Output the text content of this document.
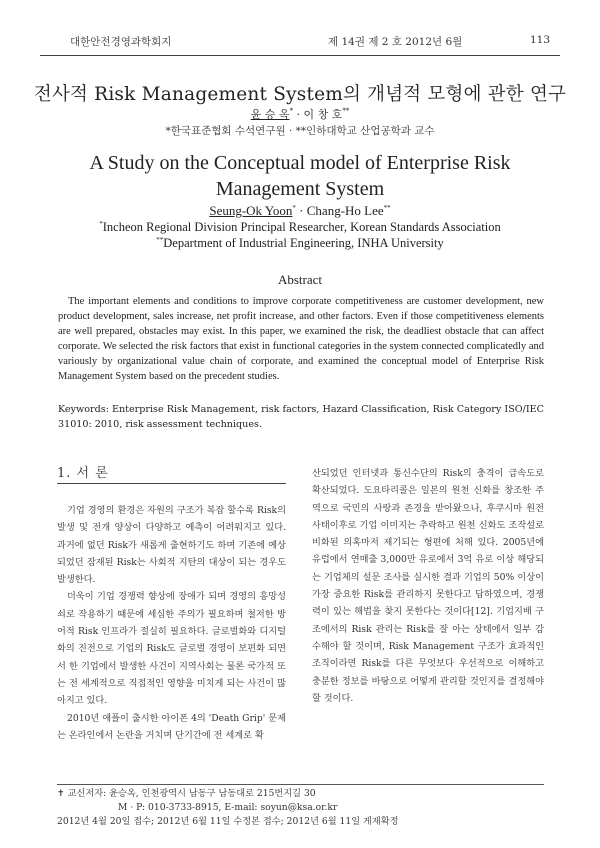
대한안전경영과학회지	제 14권 제 2 호 2012년 6월	113
전사적 Risk Management System의 개념적 모형에 관한 연구
윤 승 옥* · 이 창 호**
*한국표준협회 수석연구원 · **인하대학교 산업공학과 교수
A Study on the Conceptual model of Enterprise Risk
Management System
Seung-Ok Yoon* · Chang-Ho Lee**
*Incheon Regional Division Principal Researcher, Korean Standards Association
**Department of Industrial Engineering, INHA University
Abstract

The important elements and conditions to improve corporate competitiveness are customer development, new product development, sales increase, net profit increase, and other factors. Even if those competitiveness elements are well prepared, obstacles may exist. In this paper, we examined the risk, the deadliest obstacle that can affect corporate. We selected the risk factors that exist in functional categories in the system connected complicatedly and variously by organizational value chain of corporate, and examined the conceptual model of Enterprise Risk Management System based on the precedent studies.

Keywords: Enterprise Risk Management, risk factors, Hazard Classification, Risk Category ISO/IEC 31010: 2010, risk assessment techniques.
1. 서 론

기업 경영의 환경은 자원의 구조가 복잡 할수록 Risk의 발생 및 전개 양상이 다양하고 예측이 어려워지고 있다. 과거에 없던 Risk가 새롭게 출현하기도 하며 기존에 예상되었던 잠재된 Risk는 사회적 지탄의 대상이 되는 경우도 발생한다.

더욱이 기업 경쟁력 향상에 장애가 되며 경영의 흥망성쇠로 작용하기 때문에 세심한 주의가 필요하며 철저한 방어적 Risk 인프라가 절실히 필요하다. 글로벌화와 디지털화의 진전으로 기업의 Risk도 글로벌 경영이 보편화 되면서 한 기업에서 발생한 사건이 지역사회는 물론 국가적 또는 전 세계적으로 직접적인 영향을 미치게 되는 사건이 많아지고 있다.

2010년 애플이 출시한 아이폰 4의 'Death Grip' 문제는 온라인에서 논란을 거치며 단기간에 전 세계로 확

산되었던 인터넷과 통신수단의 Risk의 충격이 급속도로 확산되었다. 도요타리콜은 일본의 원천 신화를 창조한 주역으로 국민의 사랑과 존경을 받아왔으나, 후쿠시마 원전 사태이후로 기업 이미지는 추락하고 원천 신화도 조작설로 비화된 의혹마저 제기되는 형편에 처해 있다. 2005년에 유럽에서 연매출 3,000만 유로에서 3억 유로 이상 해당되는 기업체의 설문 조사를 실시한 결과 기업의 50% 이상이 가장 중요한 Risk를 관리하지 못한다고 답하였으며, 경쟁력이 있는 해법을 찾지 못한다는 것이다[12]. 기업지배 구조에서의 Risk 관리는 Risk를 잘 아는 상태에서 일부 감수해야 할 것이며, Risk Management 구조가 효과적인 조직이라면 Risk를 다른 무엇보다 우선적으로 이해하고 충분한 정보를 바탕으로 어떻게 관리할 것인지를 결정해야 할 것이다.

✝ 교신저자: 윤승옥, 인천광역시 남동구 남동대로 215번지길 30
M · P: 010-3733-8915, E-mail: soyun@ksa.or.kr
2012년 4월 20일 접수; 2012년 6월 11일 수정본 접수; 2012년 6월 11일 게재확정
